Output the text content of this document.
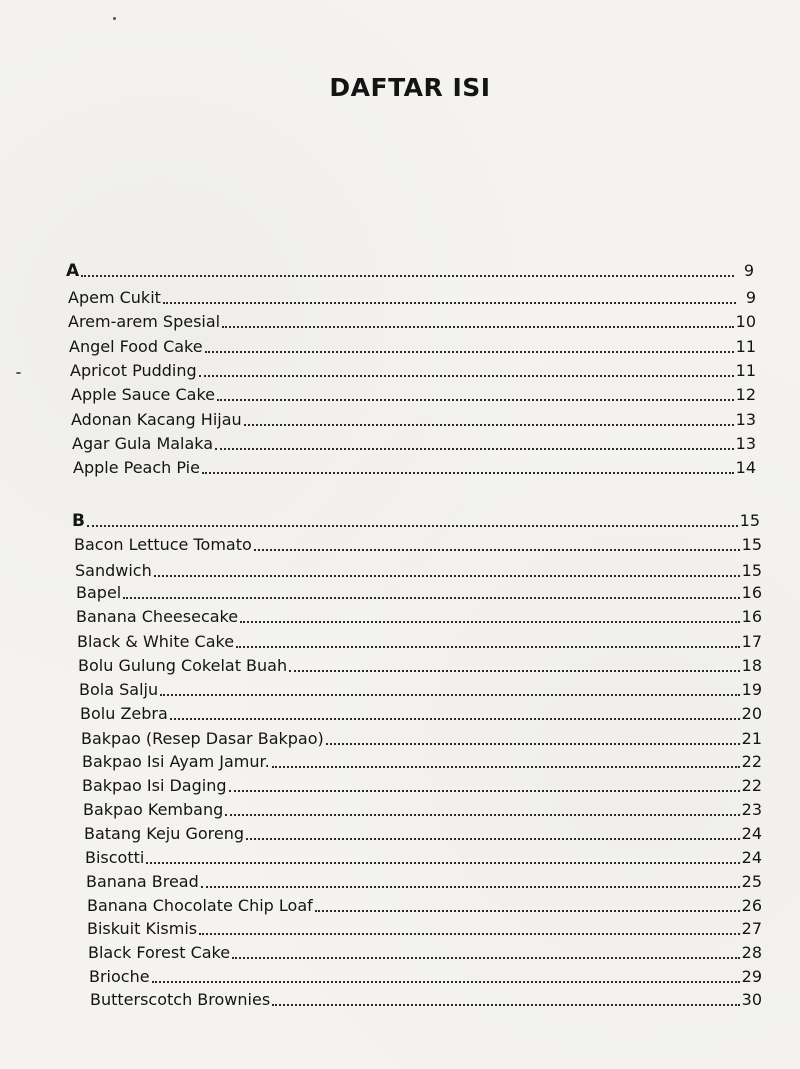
DAFTAR ISI
A	9
Apem Cukit	9
Arem-arem Spesial	10
Angel Food Cake	11
Apricot Pudding	11
Apple Sauce Cake	12
Adonan Kacang Hijau	13
Agar Gula Malaka	13
Apple Peach Pie	14
B	15
Bacon Lettuce Tomato	15
Sandwich	15
Bapel	16
Banana Cheesecake	16
Black & White Cake	17
Bolu Gulung Cokelat Buah	18
Bola Salju	19
Bolu Zebra	20
Bakpao (Resep Dasar Bakpao)	21
Bakpao Isi Ayam Jamur.	22
Bakpao Isi Daging	22
Bakpao Kembang	23
Batang Keju Goreng	24
Biscotti	24
Banana Bread	25
Banana Chocolate Chip Loaf	26
Biskuit Kismis	27
Black Forest Cake	28
Brioche	29
Butterscotch Brownies	30
